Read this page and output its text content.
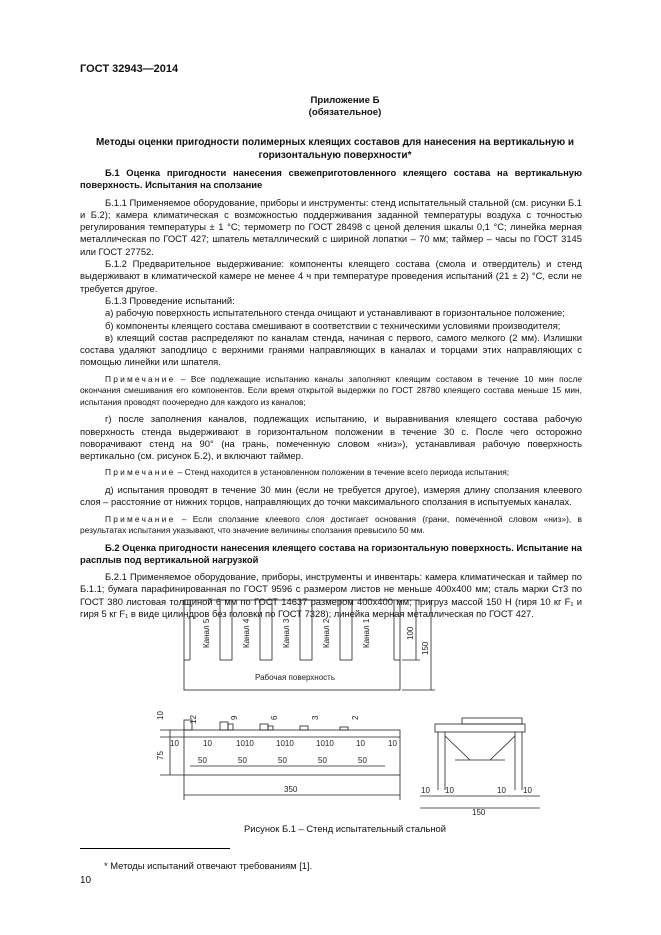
ГОСТ 32943—2014
Приложение Б
(обязательное)
Методы оценки пригодности полимерных клеящих составов для нанесения на вертикальную и горизонтальную поверхности*

Б.1 Оценка пригодности нанесения свежеприготовленного клеящего состава на вертикальную поверхность. Испытания на сползание

Б.1.1 Применяемое оборудование, приборы и инструменты: стенд испытательный стальной (см. рисунки Б.1 и Б.2); камера климатическая с возможностью поддерживания заданной температуры воздуха с точностью регулирования температуры ± 1 °С; термометр по ГОСТ 28498 с ценой деления шкалы 0,1 °С; линейка мерная металлическая по ГОСТ 427; шпатель металлический с шириной лопатки – 70 мм; таймер – часы по ГОСТ 3145 или ГОСТ 27752.

Б.1.2 Предварительное выдерживание: компоненты клеящего состава (смола и отвердитель) и стенд выдерживают в климатической камере не менее 4 ч при температуре проведения испытаний (21 ± 2) °С, если не требуется другое.

Б.1.3 Проведение испытаний:

а) рабочую поверхность испытательного стенда очищают и устанавливают в горизонтальное положение;

б) компоненты клеящего состава смешивают в соответствии с техническими условиями производителя;

в) клеящий состав распределяют по каналам стенда, начиная с первого, самого мелкого (2 мм). Излишки состава удаляют заподлицо с верхними гранями направляющих в каналах и торцами этих направляющих с помощью линейки или шпателя.

Примечание – Все подлежащие испытанию каналы заполняют клеящим составом в течение 10 мин после окончания смешивания его компонентов. Если время открытой выдержки по ГОСТ 28780 клеящего состава меньше 15 мин, испытания проводят поочередно для каждого из каналов;

г) после заполнения каналов, подлежащих испытанию, и выравнивания клеящего состава рабочую поверхность стенда выдерживают в горизонтальном положении в течение 30 с. После чего осторожно поворачивают стенд на 90° (на грань, помеченную словом «низ»), устанавливая рабочую поверхность вертикально (см. рисунок Б.2), и включают таймер.

Примечание – Стенд находится в установленном положении в течение всего периода испытания;

д) испытания проводят в течение 30 мин (если не требуется другое), измеряя длину сползания клеевого слоя – расстояние от нижних торцов, направляющих до точки максимального сползания в испытуемых каналах.

Примечание – Если сползание клеевого слоя достигает основания (грани, помеченной словом «низ»), в результатах испытания указывают, что значение величины сползания превысило 50 мм.

Б.2 Оценка пригодности нанесения клеящего состава на горизонтальную поверхность. Испытание на расплыв под вертикальной нагрузкой

Б.2.1 Применяемое оборудование, приборы, инструменты и инвентарь: камера климатическая и таймер по Б.1.1; бумага парафинированная по ГОСТ 9596 с размером листов не меньше 400х400 мм; сталь марки Ст3 по ГОСТ 380 листовая толщиной 6 мм по ГОСТ 14637 размером 400х400 мм; пригруз массой 150 Н (гиря 10 кг F₁ и гиря 5 кг F₁ в виде цилиндров без головки по ГОСТ 7328); линейка мерная металлическая по ГОСТ 427.

Канал 5	Канал 4	Канал 3	Канал 2	Канал 1
Рабочая поверхность
100
150
12	9	6	3	2
10
75
10	10	1010	1010	1010	10	10
50	50	50	50	50
350	10 10	10 10
150
Рисунок Б.1 – Стенд испытательный стальной
* Методы испытаний отвечают требованиям [1].
10
